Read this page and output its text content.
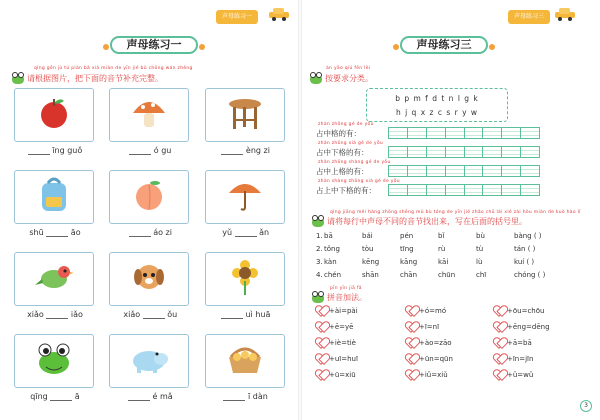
声母练习一
声母练习一
qǐng gēn jù tú piàn bǎ xià miàn de yīn jié bǔ chōng wán zhěng
请根据图片，把下面的音节补充完整。
īng guǒ	ó gu	èng zi
shū	āo	áo zi	yǔ	ǎn
xiǎo	iǎo	xiǎo	ǒu	uì huā
qīng	ā	é mǎ	ī dàn
声母练习三
声母练习三
àn yāo qiú fēn lèi
按要求分类。
b p m f d t n l g k
h j q x z c s r y w
zhàn zhōng gé de yǒu
占中格的有：
zhàn zhōng xià gé de yǒu
占中下格的有：
zhàn zhōng shàng gé de yǒu
占中上格的有：
zhàn shàng zhōng xià gé de yǒu
占上中下格的有：
qǐng jiāng měi háng zhōng shēng mǔ bù tóng de yīn jié zhǎo chū lái xiě zài hòu miàn de kuò hào lǐ
请将每行中声母不同的音节找出来，写在后面的括号里。
1.bā	bái	pén	bǐ	bù	bàng ( )
2.tǒng	tòu	tīng	rù	tù	tán ( )
3.kàn	kēng	kāng	kāi	lù	kuí ( )
4.chén	shān	chān	chūn	chī	chóng ( )
pīn yīn jiā fǎ
拼音加法。
+ài=pài	+ó=mó	+ōu=chōu
+ē=yē	+ī=nī	+ēng=dēng
+iè=tiè	+ào=zāo	+ā=bā
+uī=huī	+ūn=qūn	+īn=jīn
+ū=xiū	+iǔ=xiǔ	+ǔ=wǔ
3
